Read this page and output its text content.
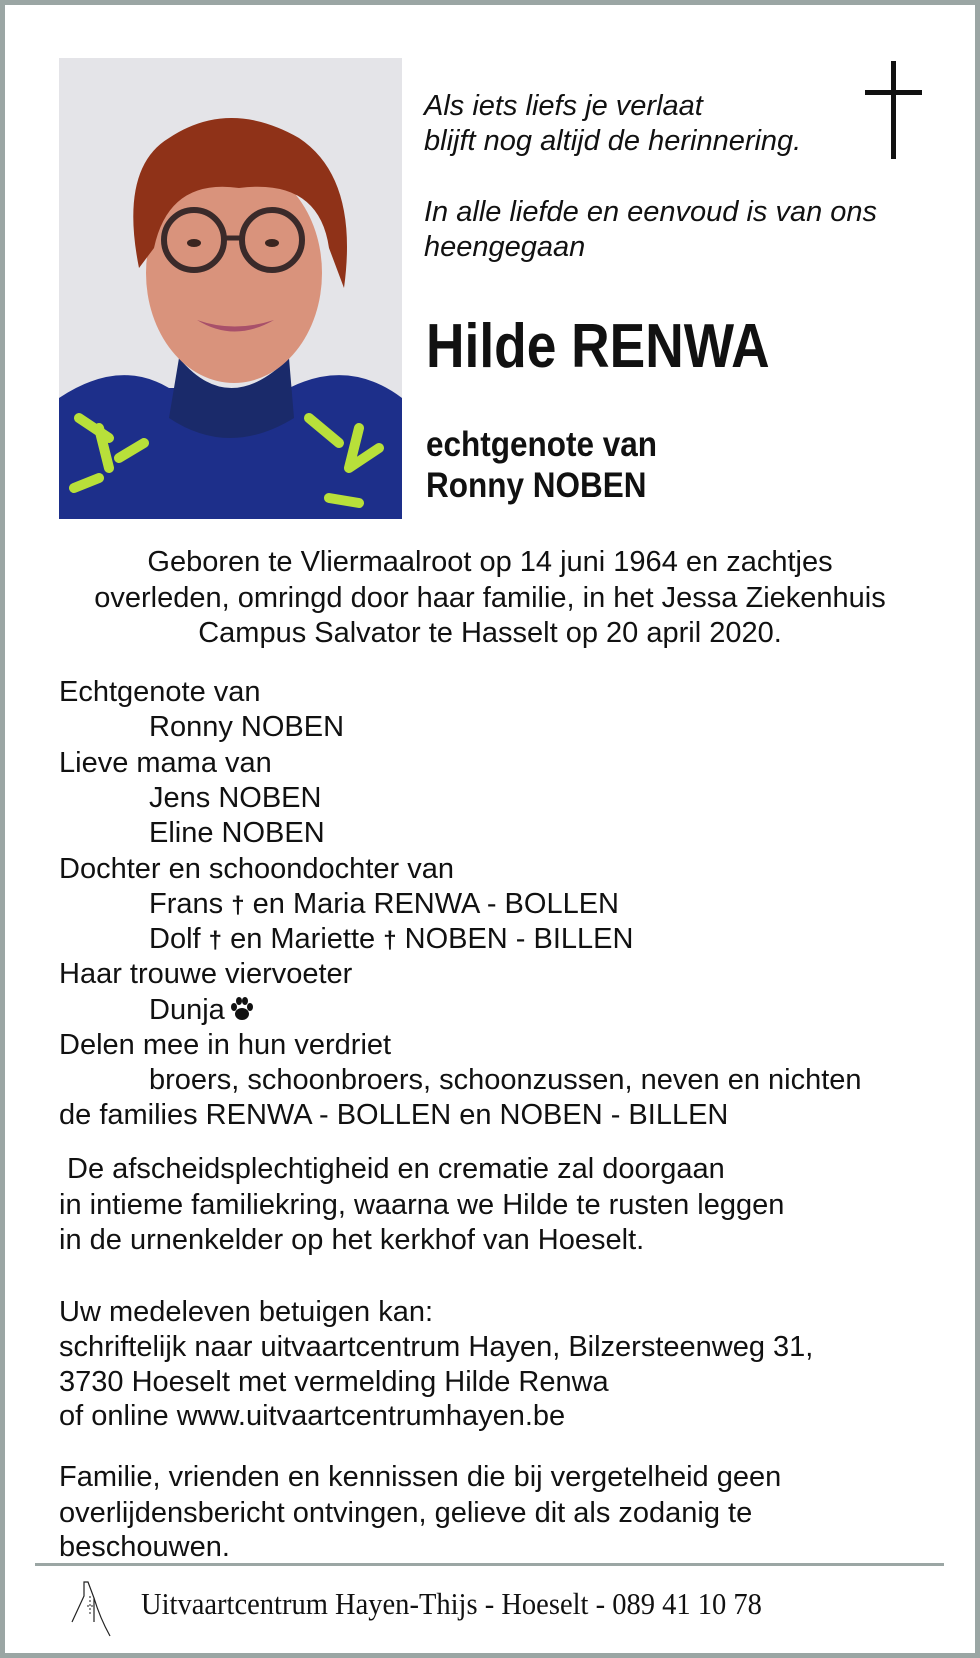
Als iets liefs je verlaat
blijft nog altijd de herinnering.
In alle liefde en eenvoud is van ons
heengegaan
Hilde RENWA
echtgenote van
Ronny NOBEN
Geboren te Vliermaalroot op 14 juni 1964 en zachtjes
overleden, omringd door haar familie, in het Jessa Ziekenhuis
Campus Salvator te Hasselt op 20 april 2020.
Echtgenote van
Ronny NOBEN
Lieve mama van
Jens NOBEN
Eline NOBEN
Dochter en schoondochter van
Frans † en Maria RENWA - BOLLEN
Dolf † en Mariette † NOBEN - BILLEN
Haar trouwe viervoeter
Dunja
Delen mee in hun verdriet
broers, schoonbroers, schoonzussen, neven en nichten
de families RENWA - BOLLEN en NOBEN - BILLEN
De afscheidsplechtigheid en crematie zal doorgaan
in intieme familiekring, waarna we Hilde te rusten leggen
in de urnenkelder op het kerkhof van Hoeselt.
Uw medeleven betuigen kan:
schriftelijk naar uitvaartcentrum Hayen, Bilzersteenweg 31,
3730 Hoeselt met vermelding Hilde Renwa
of online www.uitvaartcentrumhayen.be
Familie, vrienden en kennissen die bij vergetelheid geen
overlijdensbericht ontvingen, gelieve dit als zodanig te
beschouwen.
Uitvaartcentrum Hayen-Thijs - Hoeselt - 089 41 10 78
